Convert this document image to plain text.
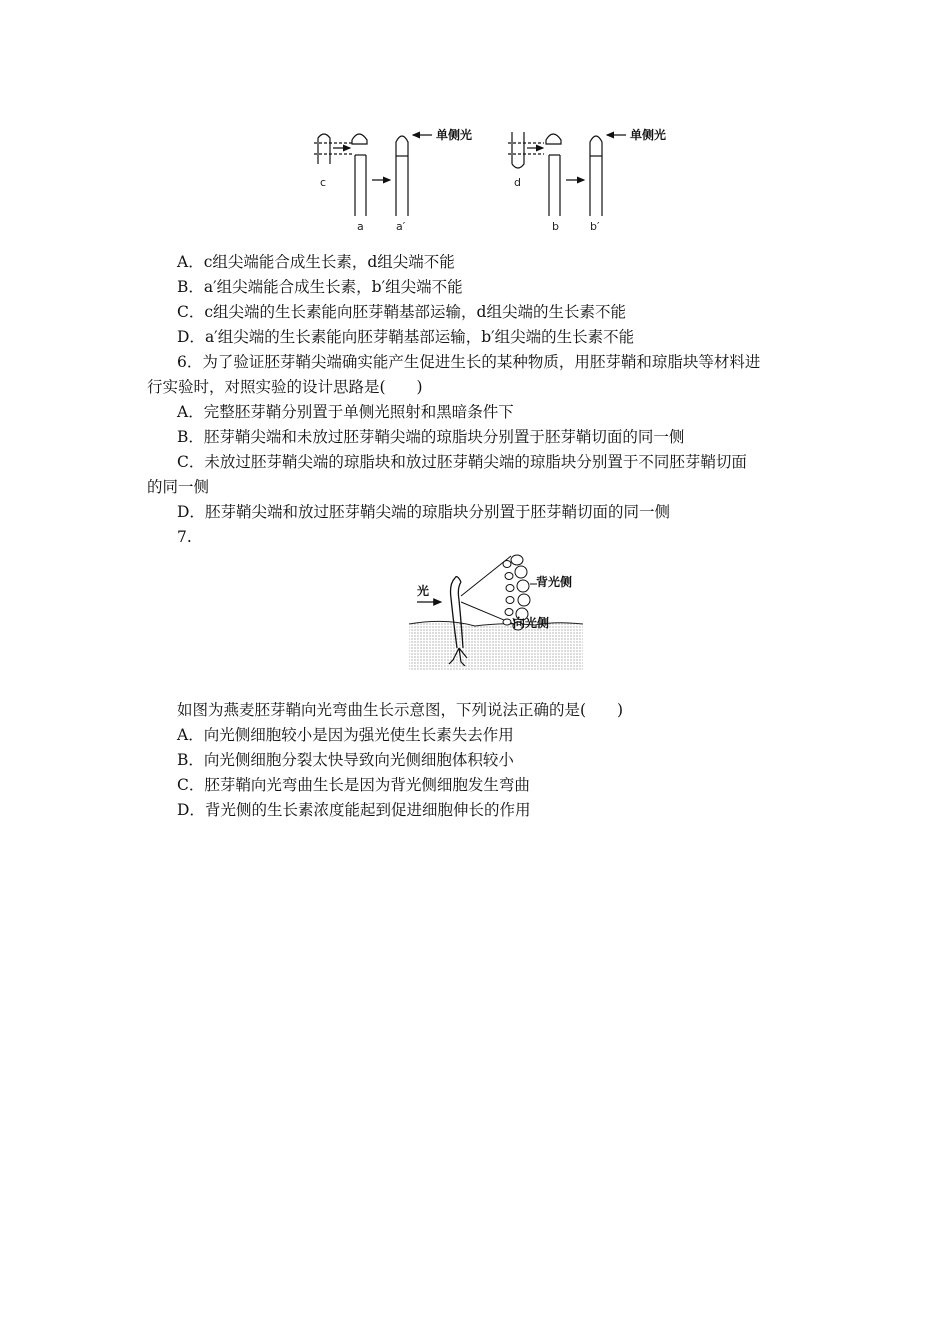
c
a	a′
单侧光
d
b	b′
单侧光
A．c组尖端能合成生长素，d组尖端不能
B．a′组尖端能合成生长素，b′组尖端不能
C．c组尖端的生长素能向胚芽鞘基部运输，d组尖端的生长素不能
D．a′组尖端的生长素能向胚芽鞘基部运输，b′组尖端的生长素不能
6．为了验证胚芽鞘尖端确实能产生促进生长的某种物质，用胚芽鞘和琼脂块等材料进
行实验时，对照实验的设计思路是(　　)
A．完整胚芽鞘分别置于单侧光照射和黑暗条件下
B．胚芽鞘尖端和未放过胚芽鞘尖端的琼脂块分别置于胚芽鞘切面的同一侧
C．未放过胚芽鞘尖端的琼脂块和放过胚芽鞘尖端的琼脂块分别置于不同胚芽鞘切面
的同一侧
D．胚芽鞘尖端和放过胚芽鞘尖端的琼脂块分别置于胚芽鞘切面的同一侧
7.
光
背光侧
向光侧
如图为燕麦胚芽鞘向光弯曲生长示意图，下列说法正确的是(　　)
A．向光侧细胞较小是因为强光使生长素失去作用
B．向光侧细胞分裂太快导致向光侧细胞体积较小
C．胚芽鞘向光弯曲生长是因为背光侧细胞发生弯曲
D．背光侧的生长素浓度能起到促进细胞伸长的作用
